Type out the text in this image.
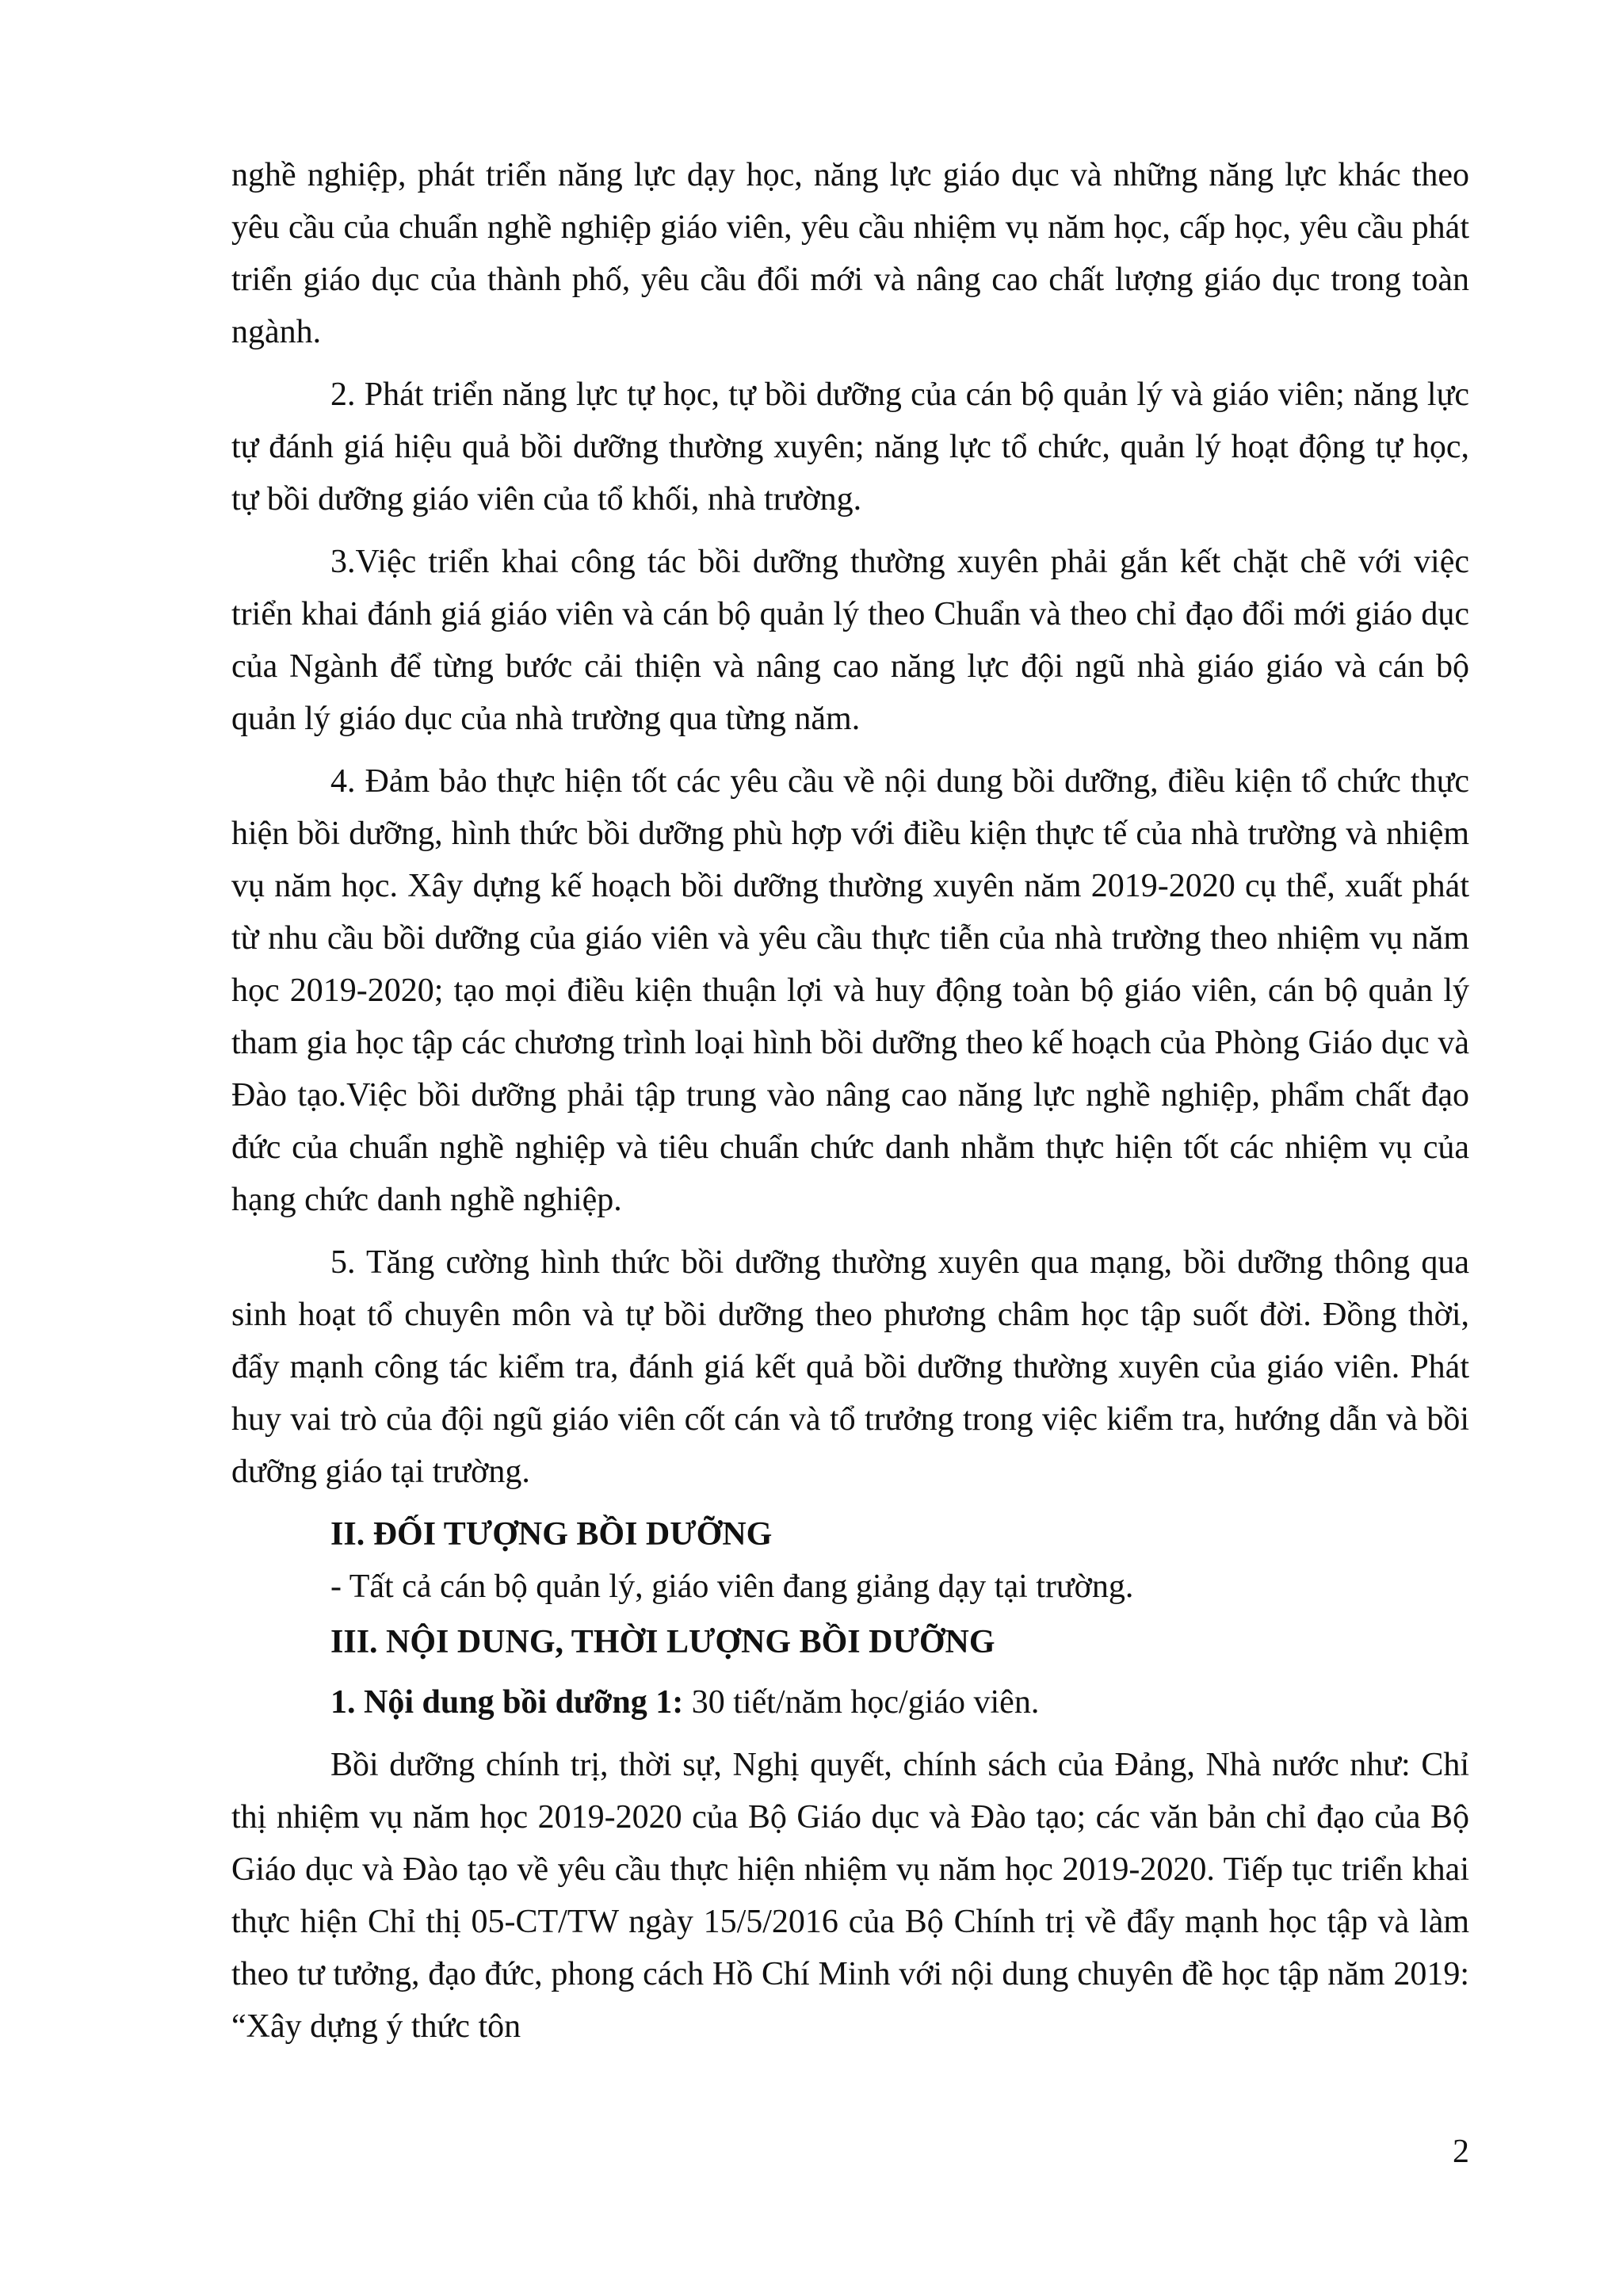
nghề nghiệp, phát triển năng lực dạy học, năng lực giáo dục và những năng lực khác theo yêu cầu của chuẩn nghề nghiệp giáo viên, yêu cầu nhiệm vụ năm học, cấp học, yêu cầu phát triển giáo dục của thành phố, yêu cầu đổi mới và nâng cao chất lượng giáo dục trong toàn ngành.

2. Phát triển năng lực tự học, tự bồi dưỡng của cán bộ quản lý và giáo viên; năng lực tự đánh giá hiệu quả bồi dưỡng thường xuyên; năng lực tổ chức, quản lý hoạt động tự học, tự bồi dưỡng giáo viên của tổ khối, nhà trường.

3.Việc triển khai công tác bồi dưỡng thường xuyên phải gắn kết chặt chẽ với việc triển khai đánh giá giáo viên và cán bộ quản lý theo Chuẩn và theo chỉ đạo đổi mới giáo dục của Ngành để từng bước cải thiện và nâng cao năng lực đội ngũ nhà giáo giáo và cán bộ quản lý giáo dục của nhà trường qua từng năm.

4. Đảm bảo thực hiện tốt các yêu cầu về nội dung bồi dưỡng, điều kiện tổ chức thực hiện bồi dưỡng, hình thức bồi dưỡng phù hợp với điều kiện thực tế của nhà trường và nhiệm vụ năm học. Xây dựng kế hoạch bồi dưỡng thường xuyên năm 2019-2020 cụ thể, xuất phát từ nhu cầu bồi dưỡng của giáo viên và yêu cầu thực tiễn của nhà trường theo nhiệm vụ năm học 2019-2020; tạo mọi điều kiện thuận lợi và huy động toàn bộ giáo viên, cán bộ quản lý tham gia học tập các chương trình loại hình bồi dưỡng theo kế hoạch của Phòng Giáo dục và Đào tạo.Việc bồi dưỡng phải tập trung vào nâng cao năng lực nghề nghiệp, phẩm chất đạo đức của chuẩn nghề nghiệp và tiêu chuẩn chức danh nhằm thực hiện tốt các nhiệm vụ của hạng chức danh nghề nghiệp.

5. Tăng cường hình thức bồi dưỡng thường xuyên qua mạng, bồi dưỡng thông qua sinh hoạt tổ chuyên môn và tự bồi dưỡng theo phương châm học tập suốt đời. Đồng thời, đẩy mạnh công tác kiểm tra, đánh giá kết quả bồi dưỡng thường xuyên của giáo viên. Phát huy vai trò của đội ngũ giáo viên cốt cán và tổ trưởng trong việc kiểm tra, hướng dẫn và bồi dưỡng giáo tại trường.

II. ĐỐI TƯỢNG BỒI DƯỠNG
- Tất cả cán bộ quản lý, giáo viên đang giảng dạy tại trường.
III. NỘI DUNG, THỜI LƯỢNG BỒI DƯỠNG
1. Nội dung bồi dưỡng 1: 30 tiết/năm học/giáo viên.

Bồi dưỡng chính trị, thời sự, Nghị quyết, chính sách của Đảng, Nhà nước như: Chỉ thị nhiệm vụ năm học 2019-2020 của Bộ Giáo dục và Đào tạo; các văn bản chỉ đạo của Bộ Giáo dục và Đào tạo về yêu cầu thực hiện nhiệm vụ năm học 2019-2020. Tiếp tục triển khai thực hiện Chỉ thị 05-CT/TW ngày 15/5/2016 của Bộ Chính trị về đẩy mạnh học tập và làm theo tư tưởng, đạo đức, phong cách Hồ Chí Minh với nội dung chuyên đề học tập năm 2019: “Xây dựng ý thức tôn

2
